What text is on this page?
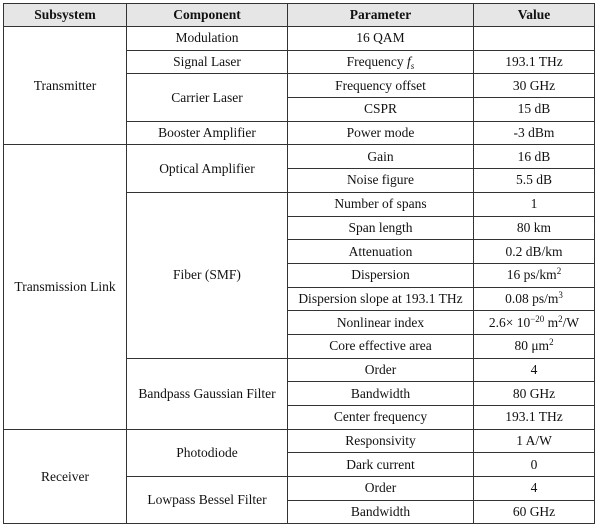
Subsystem	Component	Parameter	Value
Transmitter	Modulation	16 QAM	
	Signal Laser	Frequency $f_s$	193.1 THz
	Carrier Laser	Frequency offset	30 GHz
		CSPR	15 dB
	Booster Amplifier	Power mode	-3 dBm
Transmission Link	Optical Amplifier	Gain	16 dB
		Noise figure	5.5 dB
	Fiber (SMF)	Number of spans	1
		Span length	80 km
		Attenuation	0.2 dB/km
		Dispersion	16 $ps/km^2$
		Dispersion slope at 193.1 THz	0.08 $ps/m^3$
		Nonlinear index	$2.6\times 10^{-20}$ $m^2/W$
		Core effective area	80 $\mu m^2$
	Bandpass Gaussian Filter	Order	4
		Bandwidth	80 GHz
		Center frequency	193.1 THz
Receiver	Photodiode	Responsivity	1 A/W
		Dark current	0
	Lowpass Bessel Filter	Order	4
		Bandwidth	60 GHz
